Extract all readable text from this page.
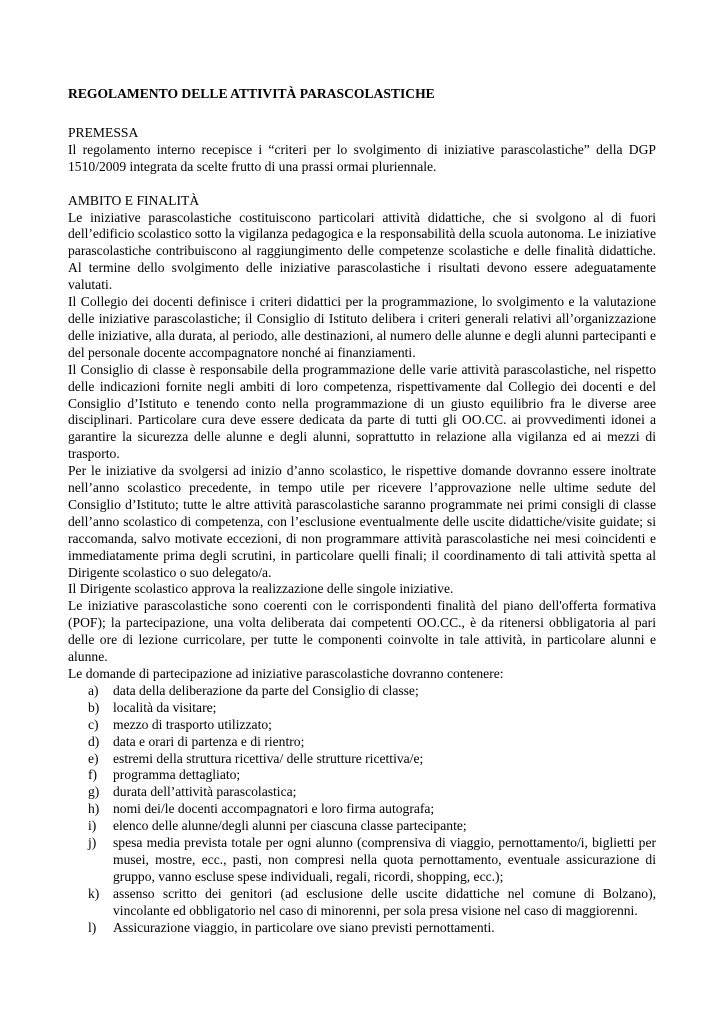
REGOLAMENTO DELLE ATTIVITÀ PARASCOLASTICHE
PREMESSA

Il regolamento interno recepisce i “criteri per lo svolgimento di iniziative parascolastiche” della DGP 1510/2009 integrata da scelte frutto di una prassi ormai pluriennale.

AMBITO E FINALITÀ

Le iniziative parascolastiche costituiscono particolari attività didattiche, che si svolgono al di fuori dell’edificio scolastico sotto la vigilanza pedagogica e la responsabilità della scuola autonoma. Le iniziative parascolastiche contribuiscono al raggiungimento delle competenze scolastiche e delle finalità didattiche. Al termine dello svolgimento delle iniziative parascolastiche i risultati devono essere adeguatamente valutati.

Il Collegio dei docenti definisce i criteri didattici per la programmazione, lo svolgimento e la valutazione delle iniziative parascolastiche; il Consiglio di Istituto delibera i criteri generali relativi all’organizzazione delle iniziative, alla durata, al periodo, alle destinazioni, al numero delle alunne e degli alunni partecipanti e del personale docente accompagnatore nonché ai finanziamenti.

Il Consiglio di classe è responsabile della programmazione delle varie attività parascolastiche, nel rispetto delle indicazioni fornite negli ambiti di loro competenza, rispettivamente dal Collegio dei docenti e del Consiglio d’Istituto e tenendo conto nella programmazione di un giusto equilibrio fra le diverse aree disciplinari. Particolare cura deve essere dedicata da parte di tutti gli OO.CC. ai provvedimenti idonei a garantire la sicurezza delle alunne e degli alunni, soprattutto in relazione alla vigilanza ed ai mezzi di trasporto.

Per le iniziative da svolgersi ad inizio d’anno scolastico, le rispettive domande dovranno essere inoltrate nell’anno scolastico precedente, in tempo utile per ricevere l’approvazione nelle ultime sedute del Consiglio d’Istituto; tutte le altre attività parascolastiche saranno programmate nei primi consigli di classe dell’anno scolastico di competenza, con l’esclusione eventualmente delle uscite didattiche/visite guidate; si raccomanda, salvo motivate eccezioni, di non programmare attività parascolastiche nei mesi coincidenti e immediatamente prima degli scrutini, in particolare quelli finali; il coordinamento di tali attività spetta al Dirigente scolastico o suo delegato/a.

Il Dirigente scolastico approva la realizzazione delle singole iniziative.

Le iniziative parascolastiche sono coerenti con le corrispondenti finalità del piano dell'offerta formativa (POF); la partecipazione, una volta deliberata dai competenti OO.CC., è da ritenersi obbligatoria al pari delle ore di lezione curricolare, per tutte le componenti coinvolte in tale attività, in particolare alunni e alunne.

Le domande di partecipazione ad iniziative parascolastiche dovranno contenere:

a) data della deliberazione da parte del Consiglio di classe;
b) località da visitare;
c) mezzo di trasporto utilizzato;
d) data e orari di partenza e di rientro;
e) estremi della struttura ricettiva/ delle strutture ricettiva/e;
f) programma dettagliato;
g) durata dell’attività parascolastica;
h) nomi dei/le docenti accompagnatori e loro firma autografa;
i) elenco delle alunne/degli alunni per ciascuna classe partecipante;
j) spesa media prevista totale per ogni alunno (comprensiva di viaggio, pernottamento/i, biglietti per musei, mostre, ecc., pasti, non compresi nella quota pernottamento, eventuale assicurazione di gruppo, vanno escluse spese individuali, regali, ricordi, shopping, ecc.);
k) assenso scritto dei genitori (ad esclusione delle uscite didattiche nel comune di Bolzano), vincolante ed obbligatorio nel caso di minorenni, per sola presa visione nel caso di maggiorenni.
l) Assicurazione viaggio, in particolare ove siano previsti pernottamenti.
